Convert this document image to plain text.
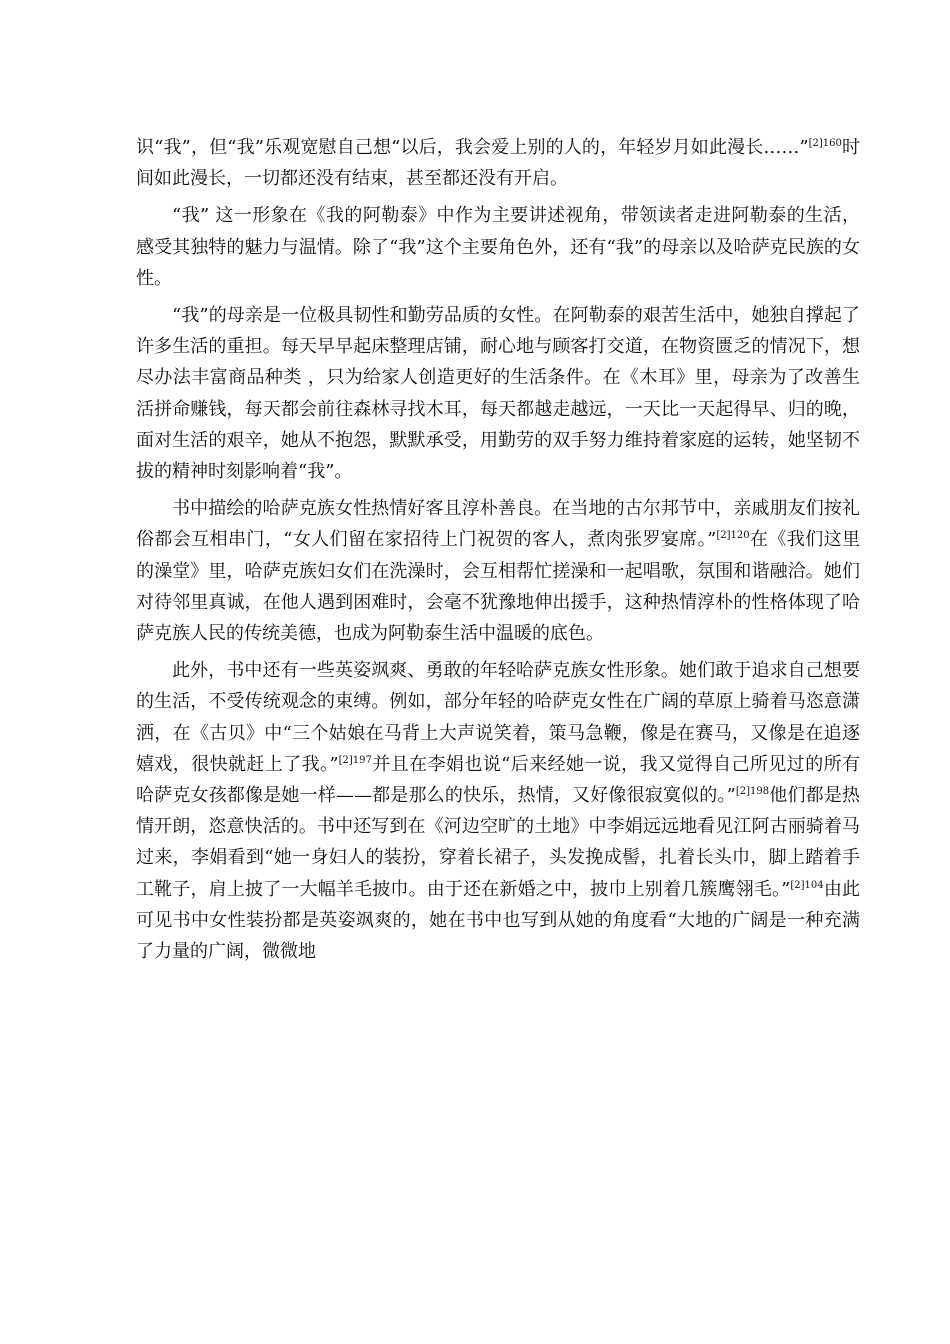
识“我”，但“我”乐观宽慰自己想“以后，我会爱上别的人的，年轻岁月如此漫长……”$^{[2]160}$时间如此漫长，一切都还没有结束，甚至都还没有开启。

“我” 这一形象在《我的阿勒泰》中作为主要讲述视角，带领读者走进阿勒泰的生活，感受其独特的魅力与温情。除了“我”这个主要角色外，还有“我”的母亲以及哈萨克民族的女性。

“我”的母亲是一位极具韧性和勤劳品质的女性。在阿勒泰的艰苦生活中，她独自撑起了许多生活的重担。每天早早起床整理店铺，耐心地与顾客打交道，在物资匮乏的情况下，想尽办法丰富商品种类 ，只为给家人创造更好的生活条件。在《木耳》里，母亲为了改善生活拼命赚钱，每天都会前往森林寻找木耳，每天都越走越远，一天比一天起得早、归的晚，面对生活的艰辛，她从不抱怨，默默承受，用勤劳的双手努力维持着家庭的运转，她坚韧不拔的精神时刻影响着“我”。

书中描绘的哈萨克族女性热情好客且淳朴善良。在当地的古尔邦节中，亲戚朋友们按礼俗都会互相串门，“女人们留在家招待上门祝贺的客人，煮肉张罗宴席。”$^{[2]120}$在《我们这里的澡堂》里，哈萨克族妇女们在洗澡时，会互相帮忙搓澡和一起唱歌，氛围和谐融洽。她们对待邻里真诚，在他人遇到困难时，会毫不犹豫地伸出援手，这种热情淳朴的性格体现了哈萨克族人民的传统美德，也成为阿勒泰生活中温暖的底色。

此外，书中还有一些英姿飒爽、勇敢的年轻哈萨克族女性形象。她们敢于追求自己想要的生活，不受传统观念的束缚。例如，部分年轻的哈萨克女性在广阔的草原上骑着马恣意潇洒，在《古贝》中“三个姑娘在马背上大声说笑着，策马急鞭，像是在赛马，又像是在追逐嬉戏，很快就赶上了我。”$^{[2]197}$并且在李娟也说“后来经她一说，我又觉得自己所见过的所有哈萨克女孩都像是她一样——都是那么的快乐，热情，又好像很寂寞似的。”$^{[2]198}$他们都是热情开朗，恣意快活的。书中还写到在《河边空旷的土地》中李娟远远地看见江阿古丽骑着马过来，李娟看到“她一身妇人的装扮，穿着长裙子，头发挽成髻，扎着长头巾，脚上踏着手工靴子，肩上披了一大幅羊毛披巾。由于还在新婚之中，披巾上别着几簇鹰翎毛。”$^{[2]104}$由此可见书中女性装扮都是英姿飒爽的，她在书中也写到从她的角度看“大地的广阔是一种充满了力量的广阔，微微地
